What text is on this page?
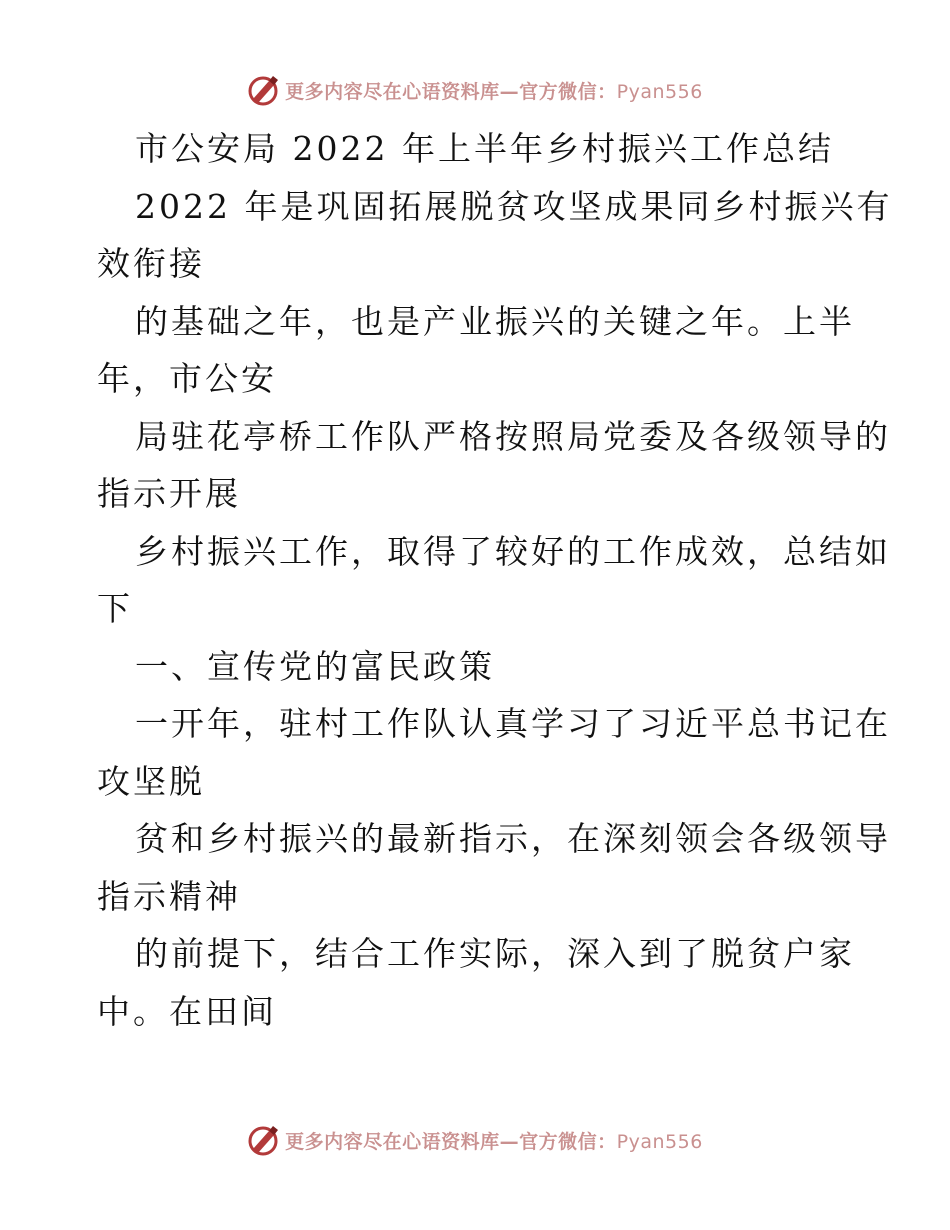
更多内容尽在心语资料库—官方微信：Pyan556
市公安局 2022 年上半年乡村振兴工作总结
2022 年是巩固拓展脱贫攻坚成果同乡村振兴有
效衔接
的基础之年，也是产业振兴的关键之年。上半
年，市公安
局驻花亭桥工作队严格按照局党委及各级领导的
指示开展
乡村振兴工作，取得了较好的工作成效，总结如
下
一、宣传党的富民政策
一开年，驻村工作队认真学习了习近平总书记在
攻坚脱
贫和乡村振兴的最新指示，在深刻领会各级领导
指示精神
的前提下，结合工作实际，深入到了脱贫户家
中。在田间
更多内容尽在心语资料库—官方微信：Pyan556
